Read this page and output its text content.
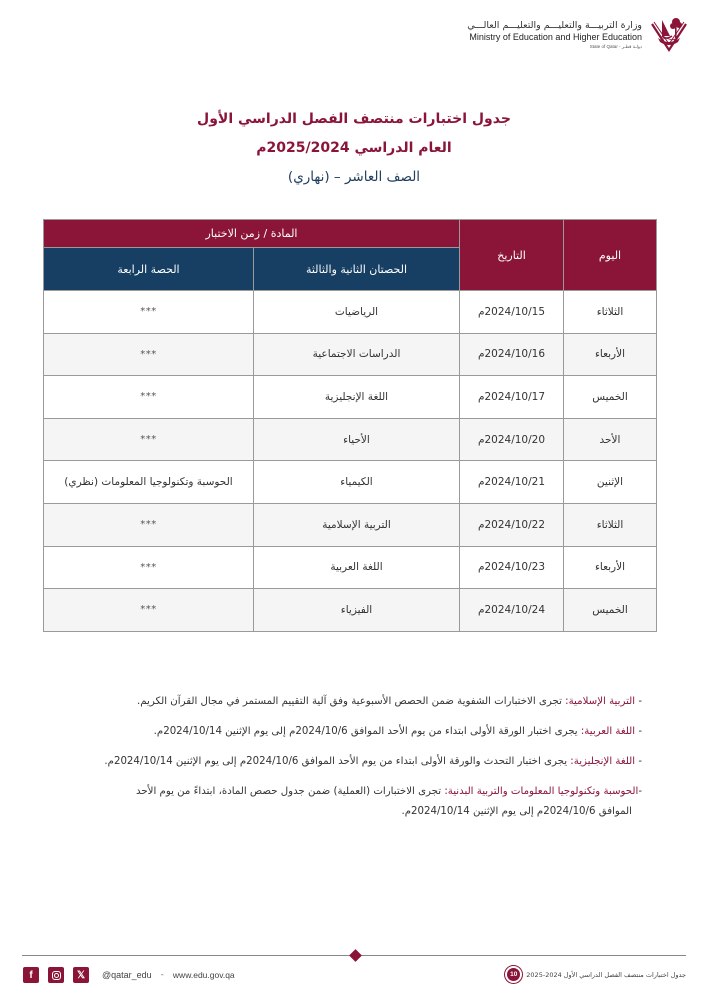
وزارة التربيـــة والتعليـــم والتعليـــم العالـــي
Ministry of Education and Higher Education
State of Qatar - دولـة قطـر
جدول اختبارات منتصف الفصل الدراسي الأول
العام الدراسي 2025/2024م
الصف العاشر – (نهاري)
اليوم	التاريخ	المادة / زمن الاختبار	
		الحصتان الثانية والثالثة	الحصة الرابعة
الثلاثاء	2024/10/15م	الرياضيات	***
الأربعاء	2024/10/16م	الدراسات الاجتماعية	***
الخميس	2024/10/17م	اللغة الإنجليزية	***
الأحد	2024/10/20م	الأحياء	***
الإثنين	2024/10/21م	الكيمياء	الحوسبة وتكنولوجيا المعلومات (نظري)
الثلاثاء	2024/10/22م	التربية الإسلامية	***
الأربعاء	2024/10/23م	اللغة العربية	***
الخميس	2024/10/24م	الفيزياء	***
- التربية الإسلامية: تجرى الاختبارات الشفوية ضمن الحصص الأسبوعية وفق آلية التقييم المستمر في مجال القرآن الكريم.
- اللغة العربية: يجرى اختبار الورقة الأولى ابتداء من يوم الأحد الموافق 2024/10/6م إلى يوم الإثنين 2024/10/14م.
- اللغة الإنجليزية: يجرى اختبار التحدث والورقة الأولى ابتداء من يوم الأحد الموافق 2024/10/6م إلى يوم الإثنين 2024/10/14م.
-الحوسبة وتكنولوجيا المعلومات والتربية البدنية: تجرى الاختبارات (العملية) ضمن جدول حصص المادة، ابتداءً من يوم الأحد
الموافق 2024/10/6م إلى يوم الإثنين 2024/10/14م.
f	𝕏	@qatar_edu - www.edu.gov.qa	جدول اختبارات منتصف الفصل الدراسي الأول 2024-2025
10
